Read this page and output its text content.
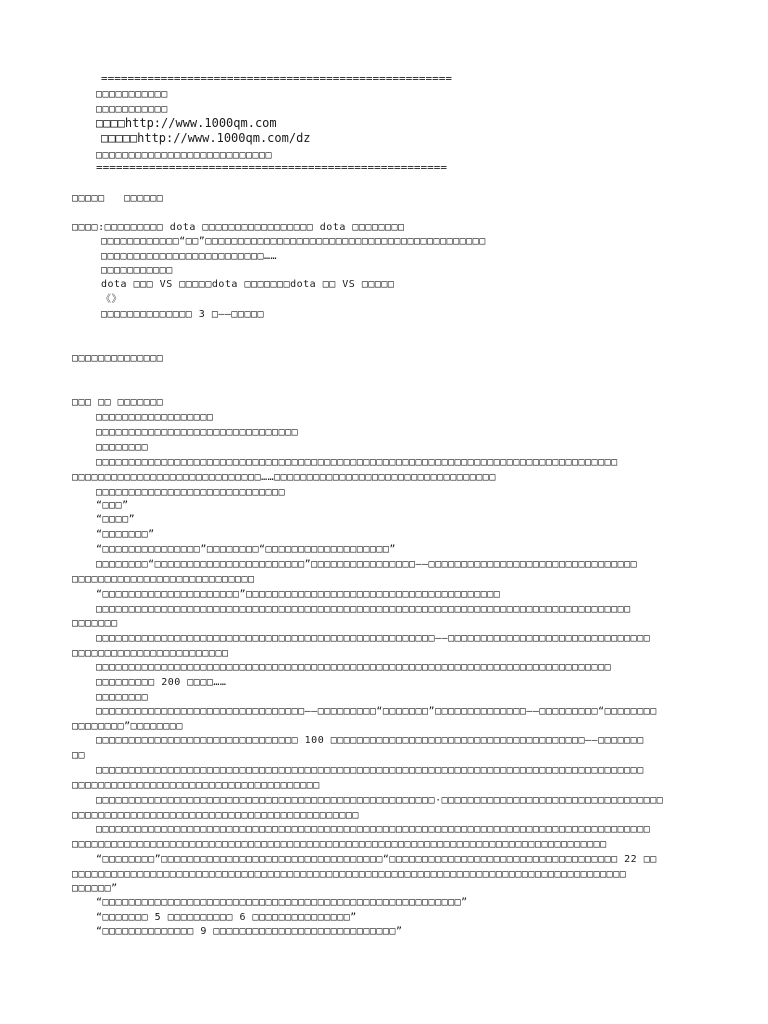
=====================================================
□□□□□□□□□□□
□□□□□□□□□□□
□□□□http://www.1000qm.com
□□□□□http://www.1000qm.com/dz
□□□□□□□□□□□□□□□□□□□□□□□□□□□
=====================================================
□□□□□   □□□□□□
□□□□:□□□□□□□□□ dota □□□□□□□□□□□□□□□□□ dota □□□□□□□□
□□□□□□□□□□□□“□□”□□□□□□□□□□□□□□□□□□□□□□□□□□□□□□□□□□□□□□□□□□□
□□□□□□□□□□□□□□□□□□□□□□□□□……
□□□□□□□□□□□
dota □□□ VS □□□□□dota □□□□□□□dota □□ VS □□□□□
《》
□□□□□□□□□□□□□□ 3 □——□□□□□
□□□□□□□□□□□□□□
□□□ □□ □□□□□□□
□□□□□□□□□□□□□□□□□□
□□□□□□□□□□□□□□□□□□□□□□□□□□□□□□□
□□□□□□□□
□□□□□□□□□□□□□□□□□□□□□□□□□□□□□□□□□□□□□□□□□□□□□□□□□□□□□□□□□□□□□□□□□□□□□□□□□□□□□□□□
□□□□□□□□□□□□□□□□□□□□□□□□□□□□□……□□□□□□□□□□□□□□□□□□□□□□□□□□□□□□□□□□
□□□□□□□□□□□□□□□□□□□□□□□□□□□□□
“□□□”
“□□□□”
“□□□□□□□”
“□□□□□□□□□□□□□□□”□□□□□□□□“□□□□□□□□□□□□□□□□□□□”
□□□□□□□□“□□□□□□□□□□□□□□□□□□□□□□□”□□□□□□□□□□□□□□□□——□□□□□□□□□□□□□□□□□□□□□□□□□□□□□□□□
□□□□□□□□□□□□□□□□□□□□□□□□□□□□
“□□□□□□□□□□□□□□□□□□□□□”□□□□□□□□□□□□□□□□□□□□□□□□□□□□□□□□□□□□□□□
□□□□□□□□□□□□□□□□□□□□□□□□□□□□□□□□□□□□□□□□□□□□□□□□□□□□□□□□□□□□□□□□□□□□□□□□□□□□□□□□□□
□□□□□□□
□□□□□□□□□□□□□□□□□□□□□□□□□□□□□□□□□□□□□□□□□□□□□□□□□□□□——□□□□□□□□□□□□□□□□□□□□□□□□□□□□□□□
□□□□□□□□□□□□□□□□□□□□□□□□
□□□□□□□□□□□□□□□□□□□□□□□□□□□□□□□□□□□□□□□□□□□□□□□□□□□□□□□□□□□□□□□□□□□□□□□□□□□□□□□
□□□□□□□□□ 200 □□□□……
□□□□□□□□
□□□□□□□□□□□□□□□□□□□□□□□□□□□□□□□□——□□□□□□□□□“□□□□□□□”□□□□□□□□□□□□□□——□□□□□□□□□“□□□□□□□□
□□□□□□□□”□□□□□□□□
□□□□□□□□□□□□□□□□□□□□□□□□□□□□□□□ 100 □□□□□□□□□□□□□□□□□□□□□□□□□□□□□□□□□□□□□□□——□□□□□□□
□□
□□□□□□□□□□□□□□□□□□□□□□□□□□□□□□□□□□□□□□□□□□□□□□□□□□□□□□□□□□□□□□□□□□□□□□□□□□□□□□□□□□□□
□□□□□□□□□□□□□□□□□□□□□□□□□□□□□□□□□□□□□□
□□□□□□□□□□□□□□□□□□□□□□□□□□□□□□□□□□□□□□□□□□□□□□□□□□□□·□□□□□□□□□□□□□□□□□□□□□□□□□□□□□□□□□□
□□□□□□□□□□□□□□□□□□□□□□□□□□□□□□□□□□□□□□□□□□□□
□□□□□□□□□□□□□□□□□□□□□□□□□□□□□□□□□□□□□□□□□□□□□□□□□□□□□□□□□□□□□□□□□□□□□□□□□□□□□□□□□□□□□
□□□□□□□□□□□□□□□□□□□□□□□□□□□□□□□□□□□□□□□□□□□□□□□□□□□□□□□□□□□□□□□□□□□□□□□□□□□□□□□□□□
“□□□□□□□□”□□□□□□□□□□□□□□□□□□□□□□□□□□□□□□□□□□“□□□□□□□□□□□□□□□□□□□□□□□□□□□□□□□□□□□ 22 □□
□□□□□□□□□□□□□□□□□□□□□□□□□□□□□□□□□□□□□□□□□□□□□□□□□□□□□□□□□□□□□□□□□□□□□□□□□□□□□□□□□□□□□
□□□□□□”
“□□□□□□□□□□□□□□□□□□□□□□□□□□□□□□□□□□□□□□□□□□□□□□□□□□□□□□□”
“□□□□□□□ 5 □□□□□□□□□□ 6 □□□□□□□□□□□□□□□”
“□□□□□□□□□□□□□□ 9 □□□□□□□□□□□□□□□□□□□□□□□□□□□□”
